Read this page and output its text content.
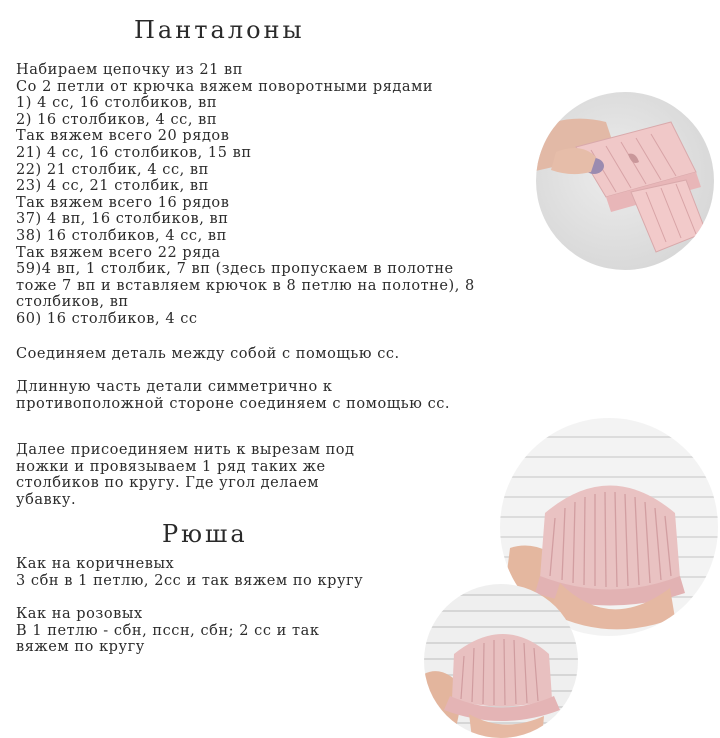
Панталоны
Набираем цепочку из 21 вп
Со 2 петли от крючка вяжем поворотными рядами
1) 4 сс, 16 столбиков, вп
2) 16 столбиков, 4 сс, вп
Так вяжем всего 20 рядов
21) 4 сс, 16 столбиков, 15 вп
22) 21 столбик, 4 сс, вп
23) 4 сс, 21 столбик, вп
Так вяжем всего 16 рядов
37) 4 вп, 16 столбиков, вп
38) 16 столбиков, 4 сс, вп
Так вяжем всего 22 ряда
59)4 вп, 1 столбик, 7 вп (здесь пропускаем в полотне
тоже 7 вп и вставляем крючок в 8 петлю на полотне), 8
столбиков, вп
60) 16 столбиков, 4 сс
Соединяем деталь между собой с помощью сс.
Длинную часть детали симметрично к
противоположной стороне соединяем с помощью сс.
Далее присоединяем нить к вырезам под
ножки и провязываем 1 ряд таких же
столбиков по кругу. Где угол делаем
убавку.
Рюша
Как на коричневых
3 сбн в 1 петлю, 2сс и так вяжем по кругу
Как на розовых
В 1 петлю - сбн, пссн, сбн; 2 сс и так
вяжем по кругу
